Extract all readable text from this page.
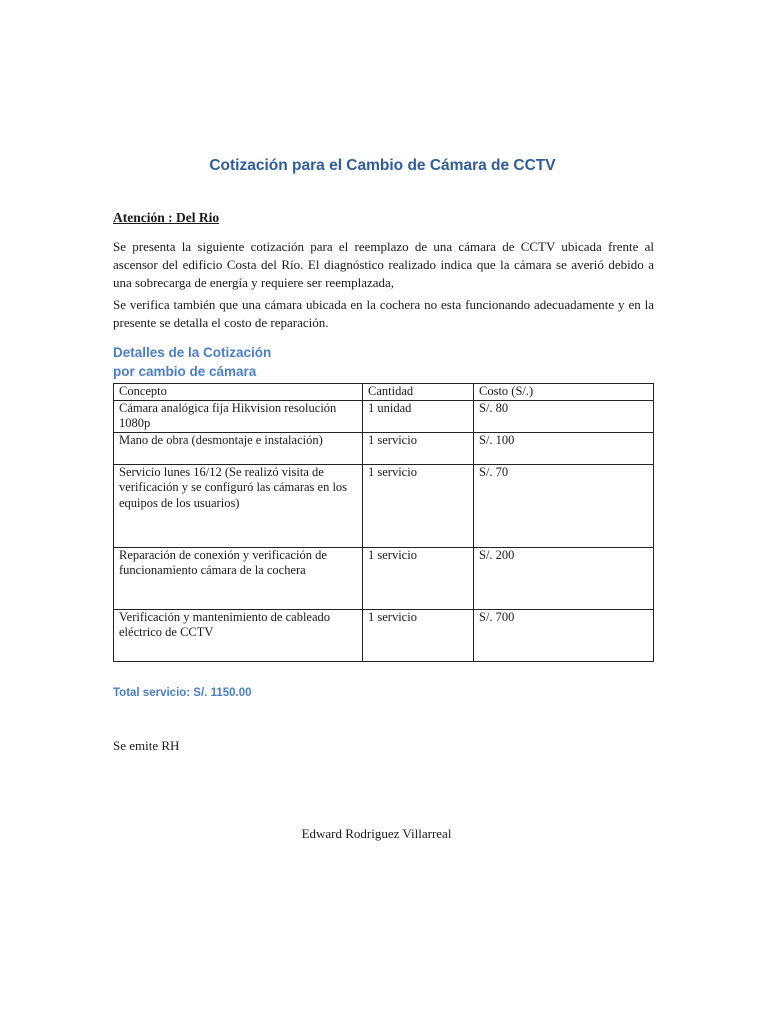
Cotización para el Cambio de Cámara de CCTV

Atención : Del Rio

Se presenta la siguiente cotización para el reemplazo de una cámara de CCTV ubicada frente al ascensor del edificio Costa del Río. El diagnóstico realizado indica que la cámara se averió debido a una sobrecarga de energía y requiere ser reemplazada,

Se verifica también que una cámara ubicada en la cochera no esta funcionando adecuadamente y en la presente se detalla el costo de reparación.

Detalles de la Cotización
por cambio de cámara
Concepto	Cantidad	Costo (S/.)
Cámara analógica fija Hikvision resolución 1080p	1 unidad	S/. 80
Mano de obra (desmontaje e instalación)	1 servicio	S/. 100
Servicio lunes 16/12 (Se realizó visita de verificación y se configuró las cámaras en los equipos de los usuarios)	1 servicio	S/. 70
Reparación de conexión y verificación de funcionamiento cámara de la cochera	1 servicio	S/. 200
Verificación y mantenimiento de cableado eléctrico de CCTV	1 servicio	S/. 700

Total servicio: S/. 1150.00

Se emite RH

Edward Rodriguez Villarreal
